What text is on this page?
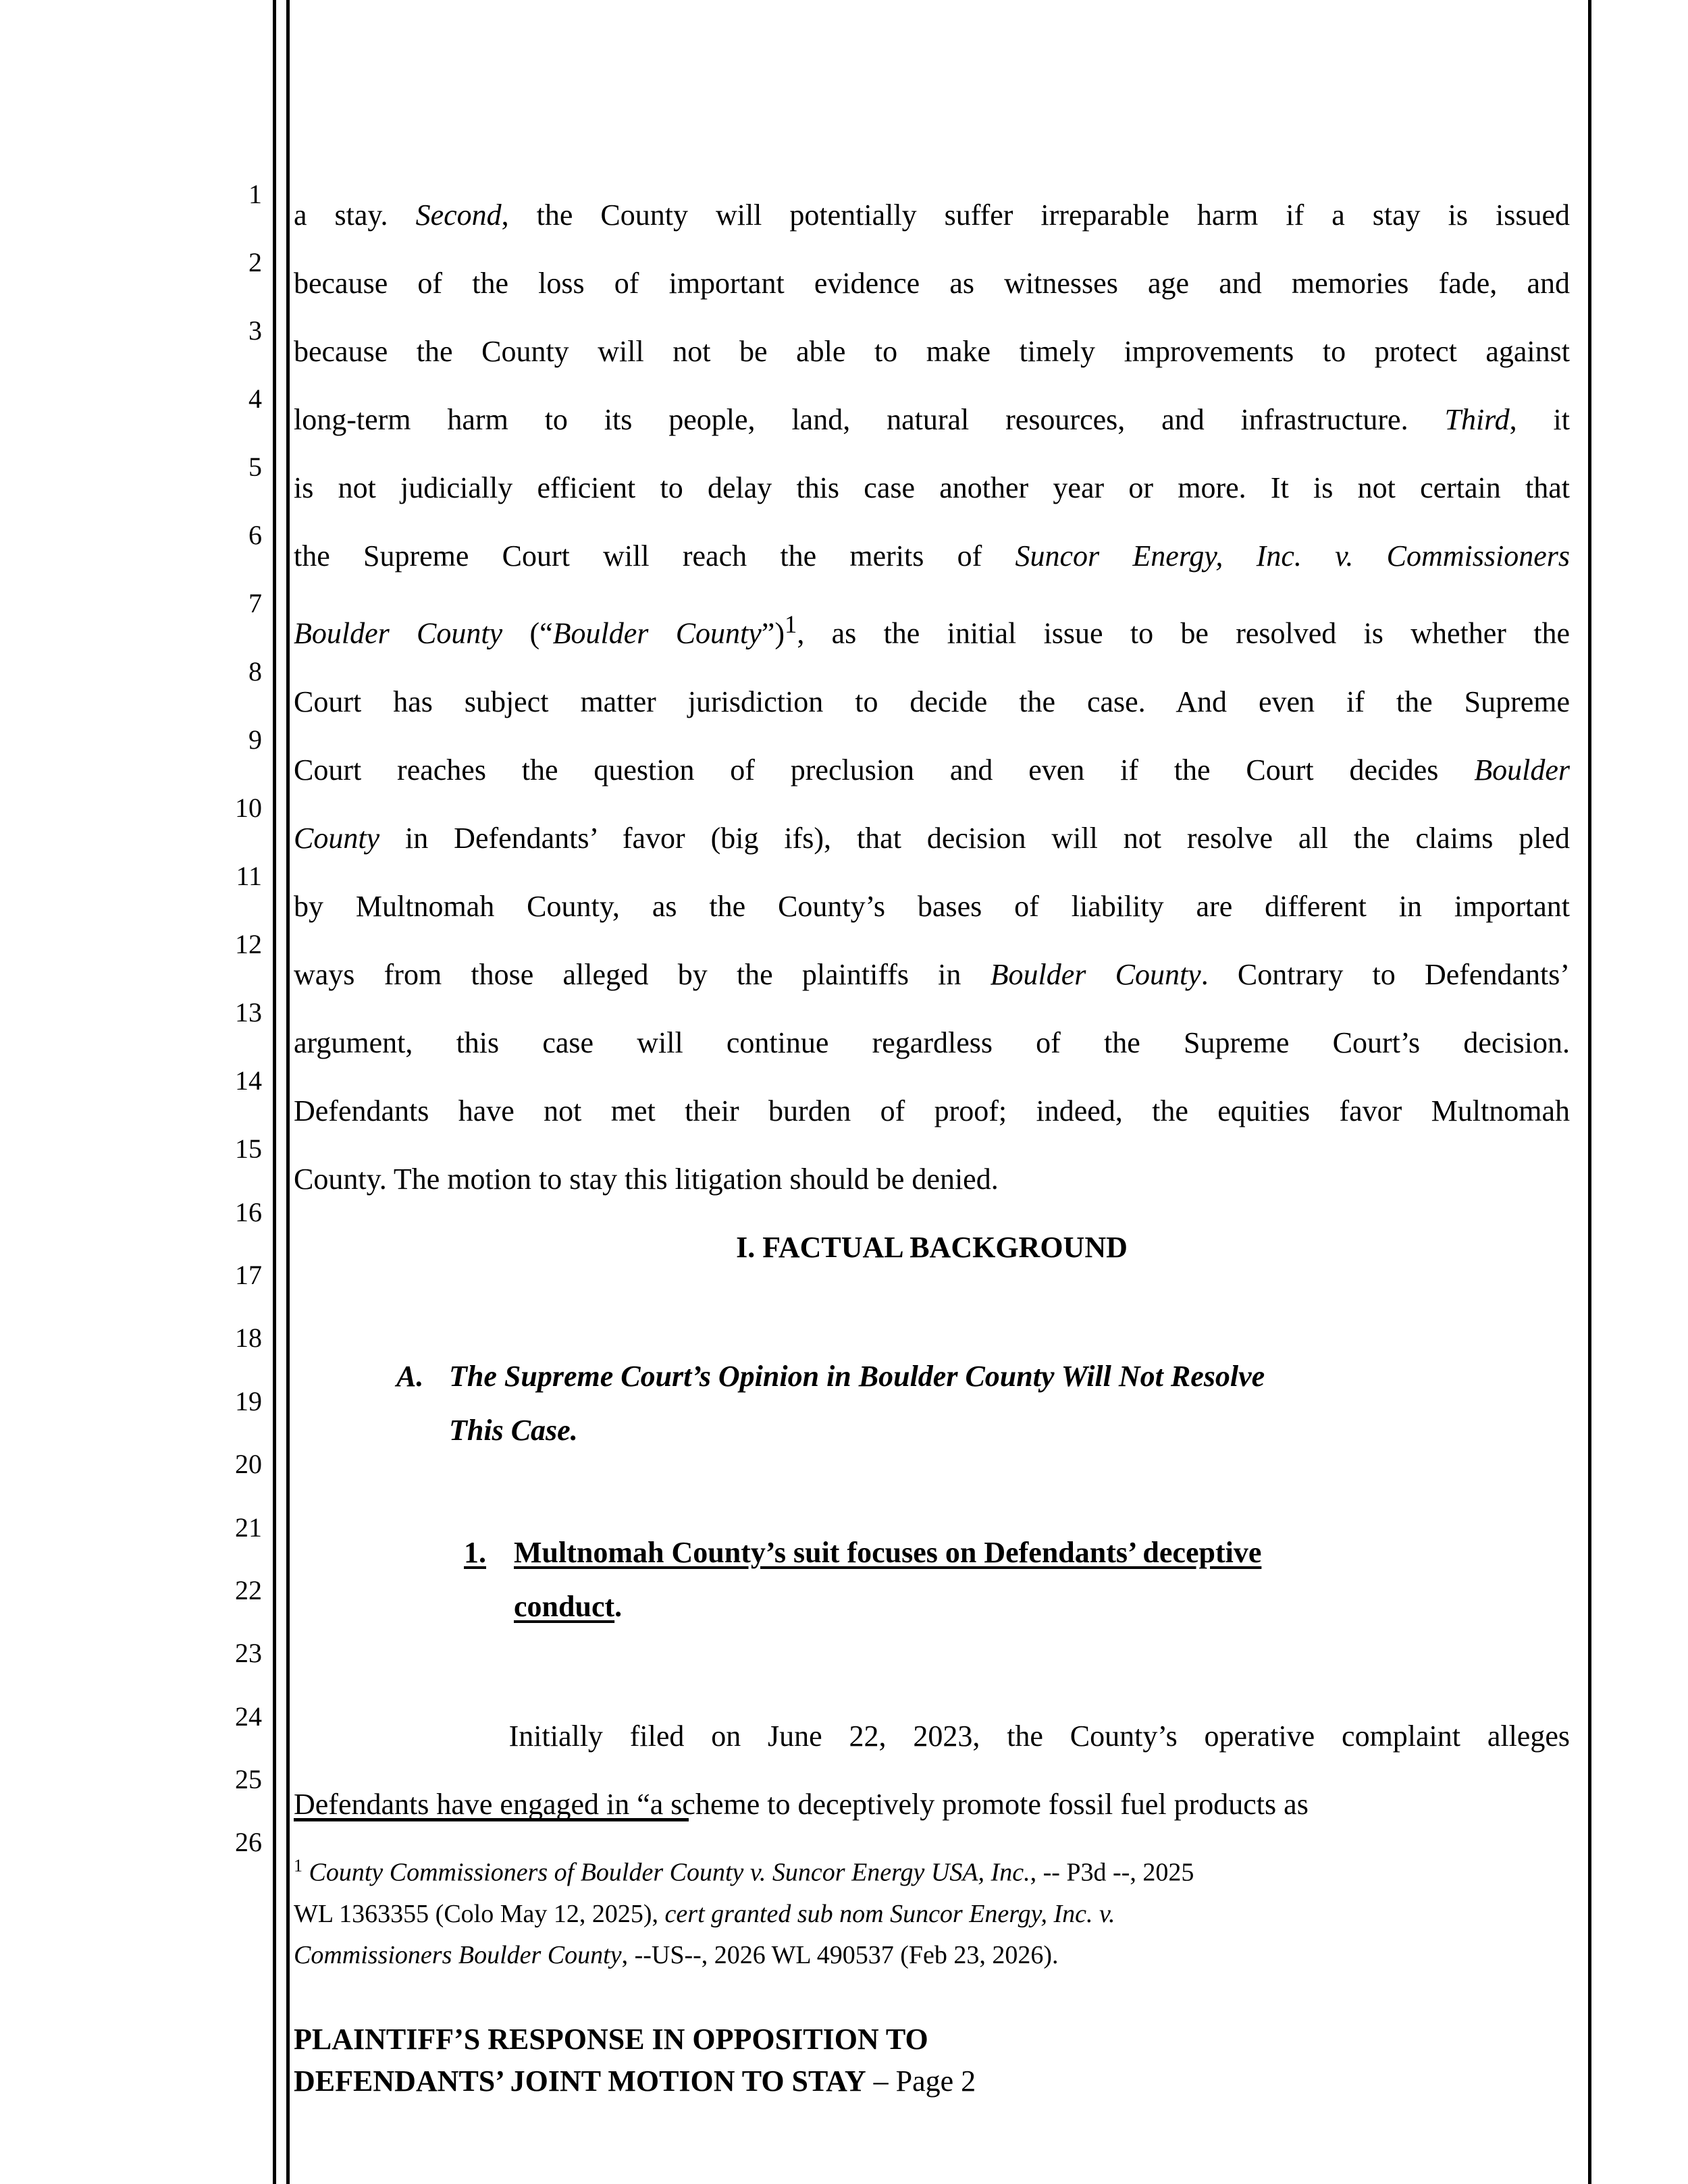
1
2
3
4
5
6
7
8
9
10
11
12
13
14
15
16
17
18
19
20
21
22
23
24
25
26

a stay. Second, the County will potentially suffer irreparable harm if a stay is issued

because of the loss of important evidence as witnesses age and memories fade, and

because the County will not be able to make timely improvements to protect against

long-term harm to its people, land, natural resources, and infrastructure. Third, it

is not judicially efficient to delay this case another year or more. It is not certain that

the Supreme Court will reach the merits of Suncor Energy, Inc. v. Commissioners

Boulder County (“Boulder County”)$^1$, as the initial issue to be resolved is whether the

Court has subject matter jurisdiction to decide the case. And even if the Supreme

Court reaches the question of preclusion and even if the Court decides Boulder

County in Defendants’ favor (big ifs), that decision will not resolve all the claims pled

by Multnomah County, as the County’s bases of liability are different in important

ways from those alleged by the plaintiffs in Boulder County. Contrary to Defendants’

argument, this case will continue regardless of the Supreme Court’s decision.

Defendants have not met their burden of proof; indeed, the equities favor Multnomah

County. The motion to stay this litigation should be denied.

I. FACTUAL BACKGROUND

A. The Supreme Court’s Opinion in Boulder County Will Not Resolve
This Case.
1. Multnomah County’s suit focuses on Defendants’ deceptive
conduct.

Initially filed on June 22, 2023, the County’s operative complaint alleges

Defendants have engaged in “a scheme to deceptively promote fossil fuel products as

$^1$ County Commissioners of Boulder County v. Suncor Energy USA, Inc., -- P3d --, 2025
WL 1363355 (Colo May 12, 2025), cert granted sub nom Suncor Energy, Inc. v.
Commissioners Boulder County, --US--, 2026 WL 490537 (Feb 23, 2026).
PLAINTIFF’S RESPONSE IN OPPOSITION TO
DEFENDANTS’ JOINT MOTION TO STAY – Page 2
